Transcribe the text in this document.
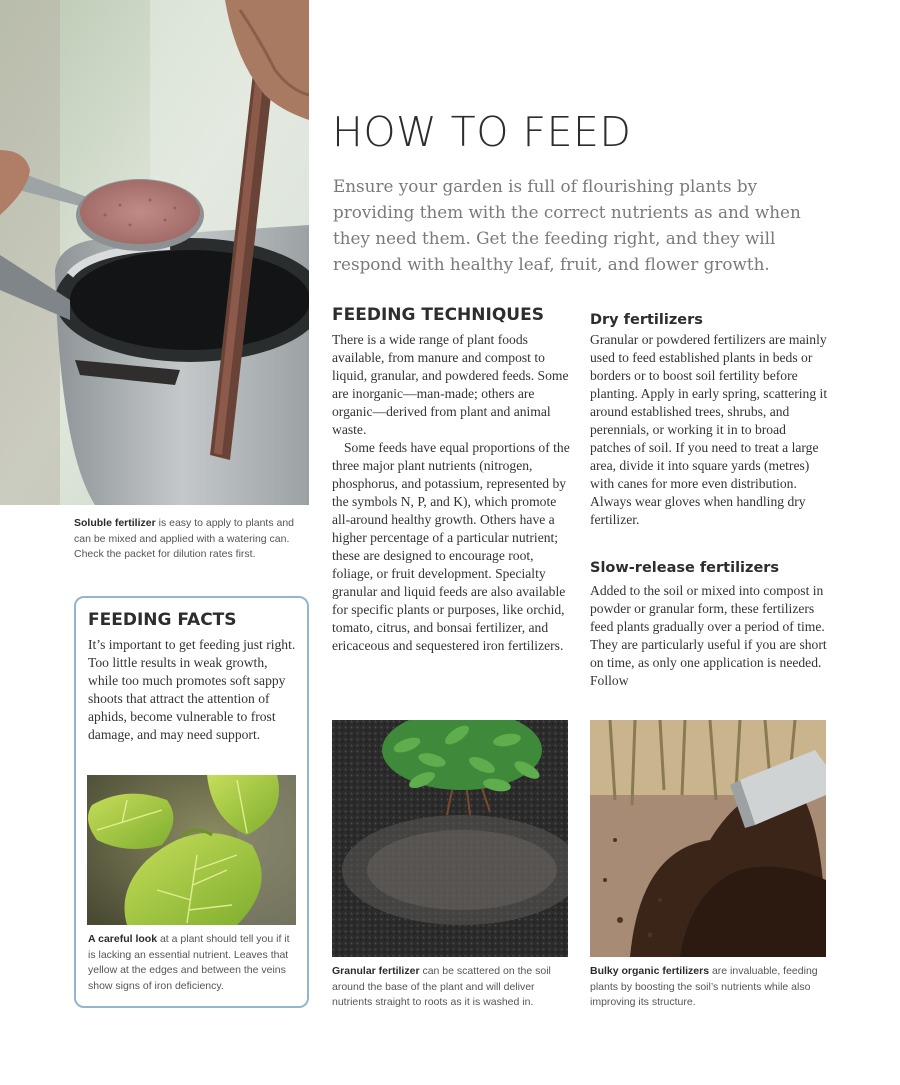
Soluble fertilizer is easy to apply to plants and can be mixed and applied with a watering can. Check the packet for dilution rates first.
HOW TO FEED

Ensure your garden is full of flourishing plants by providing them with the correct nutrients as and when they need them. Get the feeding right, and they will respond with healthy leaf, fruit, and flower growth.

FEEDING TECHNIQUES

There is a wide range of plant foods available, from manure and compost to liquid, granular, and powdered feeds. Some are inorganic—man-made; others are organic—derived from plant and animal waste.

Some feeds have equal proportions of the three major plant nutrients (nitrogen, phosphorus, and potassium, represented by the symbols N, P, and K), which promote all-around healthy growth. Others have a higher percentage of a particular nutrient; these are designed to encourage root, foliage, or fruit development. Specialty granular and liquid feeds are also available for specific plants or purposes, like orchid, tomato, citrus, and bonsai fertilizer, and ericaceous and sequestered iron fertilizers.

Dry fertilizers

Granular or powdered fertilizers are mainly used to feed established plants in beds or borders or to boost soil fertility before planting. Apply in early spring, scattering it around established trees, shrubs, and perennials, or working it in to broad patches of soil. If you need to treat a large area, divide it into square yards (metres) with canes for more even distribution. Always wear gloves when handling dry fertilizer.

Slow-release fertilizers

Added to the soil or mixed into compost in powder or granular form, these fertilizers feed plants gradually over a period of time. They are particularly useful if you are short on time, as only one application is needed. Follow

FEEDING FACTS

It’s important to get feeding just right. Too little results in weak growth, while too much promotes soft sappy shoots that attract the attention of aphids, become vulnerable to frost damage, and may need support.

A careful look at a plant should tell you if it is lacking an essential nutrient. Leaves that yellow at the edges and between the veins show signs of iron deficiency.
Granular fertilizer can be scattered on the soil around the base of the plant and will deliver nutrients straight to roots as it is washed in.
Bulky organic fertilizers are invaluable, feeding plants by boosting the soil’s nutrients while also improving its structure.
